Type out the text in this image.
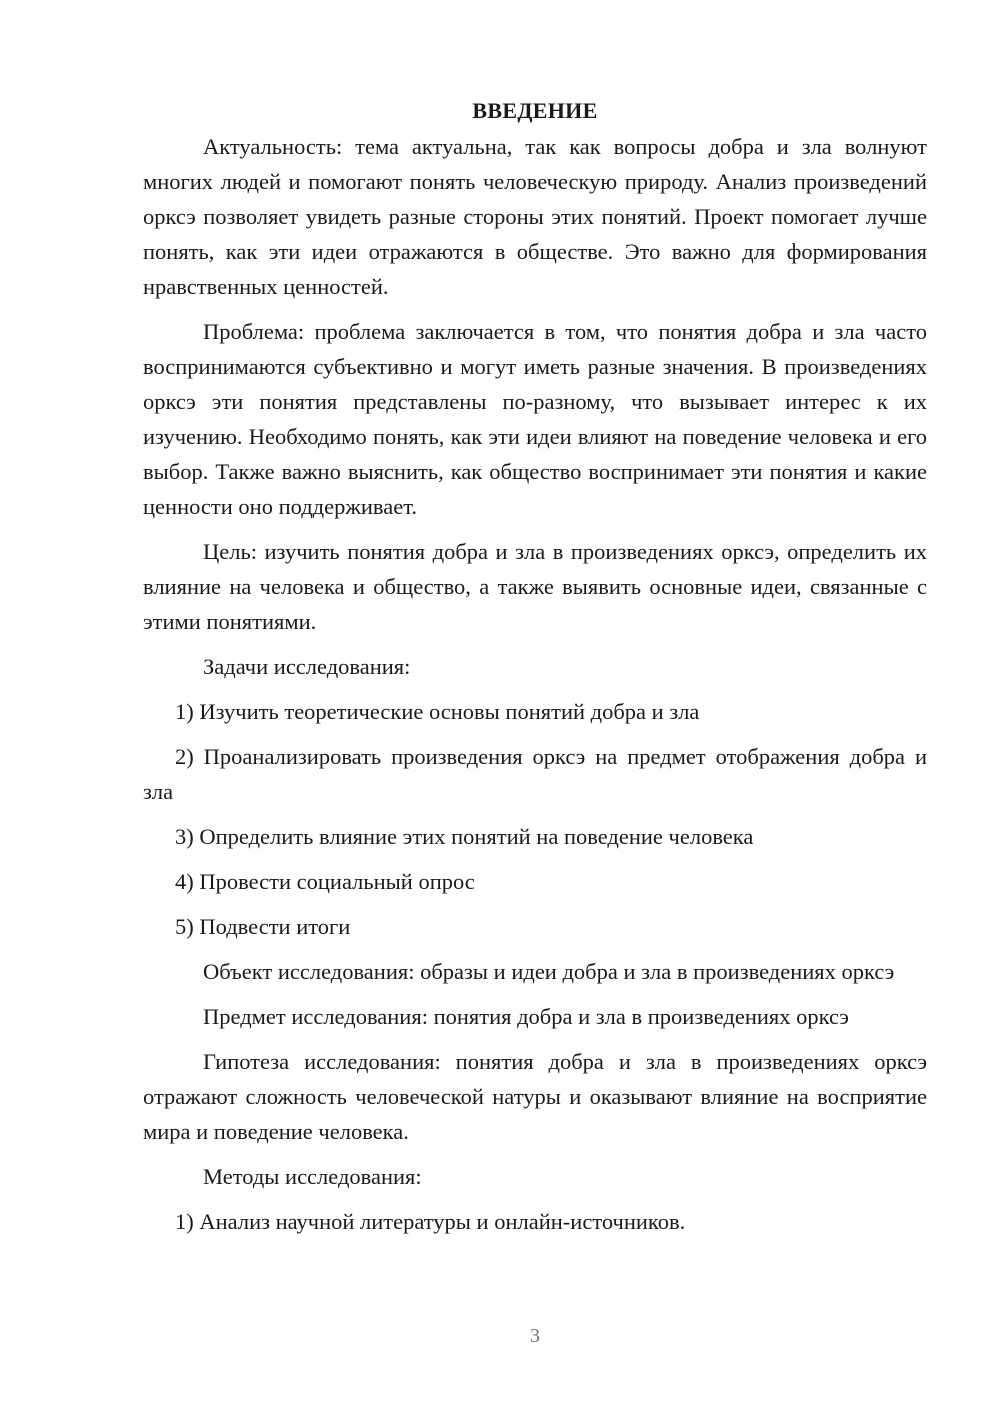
ВВЕДЕНИЕ

Актуальность: тема актуальна, так как вопросы добра и зла волнуют многих людей и помогают понять человеческую природу. Анализ произведений орксэ позволяет увидеть разные стороны этих понятий. Проект помогает лучше понять, как эти идеи отражаются в обществе. Это важно для формирования нравственных ценностей.

Проблема: проблема заключается в том, что понятия добра и зла часто воспринимаются субъективно и могут иметь разные значения. В произведениях орксэ эти понятия представлены по-разному, что вызывает интерес к их изучению. Необходимо понять, как эти идеи влияют на поведение человека и его выбор. Также важно выяснить, как общество воспринимает эти понятия и какие ценности оно поддерживает.

Цель: изучить понятия добра и зла в произведениях орксэ, определить их влияние на человека и общество, а также выявить основные идеи, связанные с этими понятиями.

Задачи исследования:

1) Изучить теоретические основы понятий добра и зла

2) Проанализировать произведения орксэ на предмет отображения добра и зла

3) Определить влияние этих понятий на поведение человека

4) Провести социальный опрос

5) Подвести итоги

Объект исследования: образы и идеи добра и зла в произведениях орксэ

Предмет исследования: понятия добра и зла в произведениях орксэ

Гипотеза исследования: понятия добра и зла в произведениях орксэ отражают сложность человеческой натуры и оказывают влияние на восприятие мира и поведение человека.

Методы исследования:

1) Анализ научной литературы и онлайн-источников.

3
